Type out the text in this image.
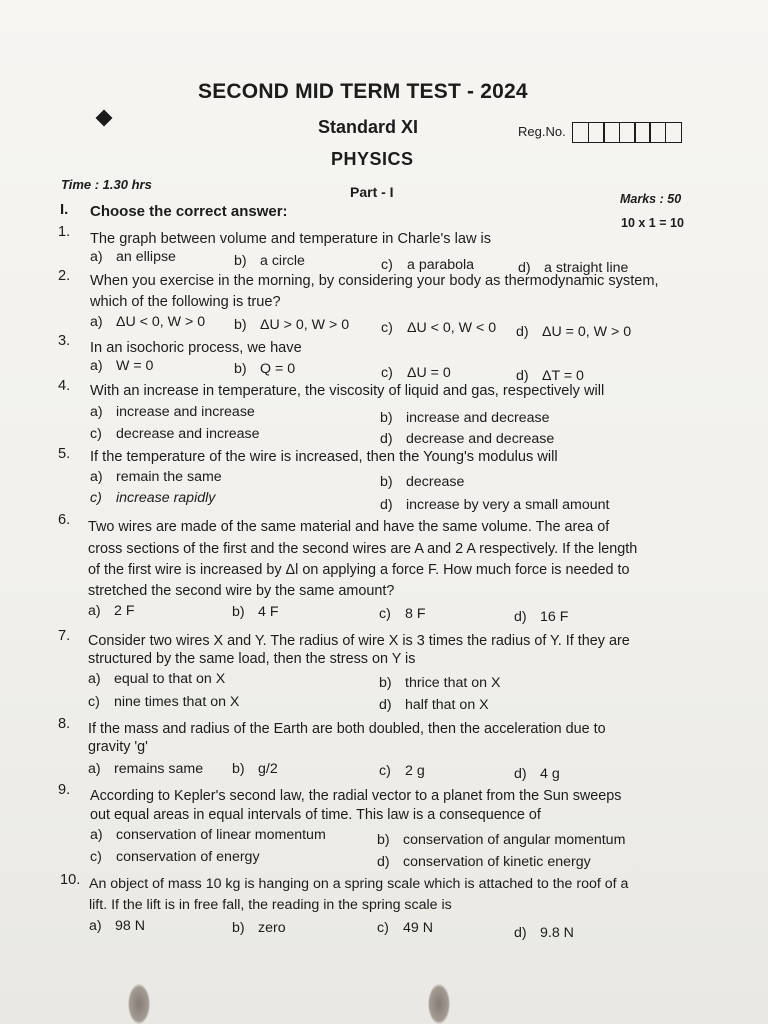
SECOND MID TERM TEST - 2024
Standard XI
PHYSICS
Reg.No.
Time : 1.30 hrs	Part - I	Marks : 50
10 x 1 = 10
I. Choose the correct answer:
1.	The graph between volume and temperature in Charle's law is
a) an ellipse	b) a circle	c) a parabola	d) a straight line
2.	When you exercise in the morning, by considering your body as thermodynamic system,
which of the following is true?
a) ΔU < 0, W > 0 b) ΔU > 0, W > 0 c) ΔU < 0, W < 0 d) ΔU = 0, W > 0
3.	In an isochoric process, we have
a) W = 0	b) Q = 0	c) ΔU = 0	d) ΔT = 0
4.	With an increase in temperature, the viscosity of liquid and gas, respectively will
a) increase and increase	b) increase and decrease
c) decrease and increase	d) decrease and decrease
5.	If the temperature of the wire is increased, then the Young's modulus will
a) remain the same	b) decrease
c) increase rapidly	d) increase by very a small amount
6.	Two wires are made of the same material and have the same volume. The area of
cross sections of the first and the second wires are A and 2 A respectively. If the length
of the first wire is increased by Δl on applying a force F. How much force is needed to
stretched the second wire by the same amount?
a) 2 F	b) 4 F	c) 8 F	d) 16 F
7.	Consider two wires X and Y. The radius of wire X is 3 times the radius of Y. If they are
structured by the same load, then the stress on Y is
a) equal to that on X	b) thrice that on X
c) nine times that on X	d) half that on X
8.	If the mass and radius of the Earth are both doubled, then the acceleration due to
gravity 'g'
a) remains same b) g/2	c) 2 g	d) 4 g
9.	According to Kepler's second law, the radial vector to a planet from the Sun sweeps
out equal areas in equal intervals of time. This law is a consequence of
a) conservation of linear momentum	b) conservation of angular momentum
c) conservation of energy	d) conservation of kinetic energy
10. An object of mass 10 kg is hanging on a spring scale which is attached to the roof of a
lift. If the lift is in free fall, the reading in the spring scale is
a) 98 N	b) zero	c) 49 N	d) 9.8 N
